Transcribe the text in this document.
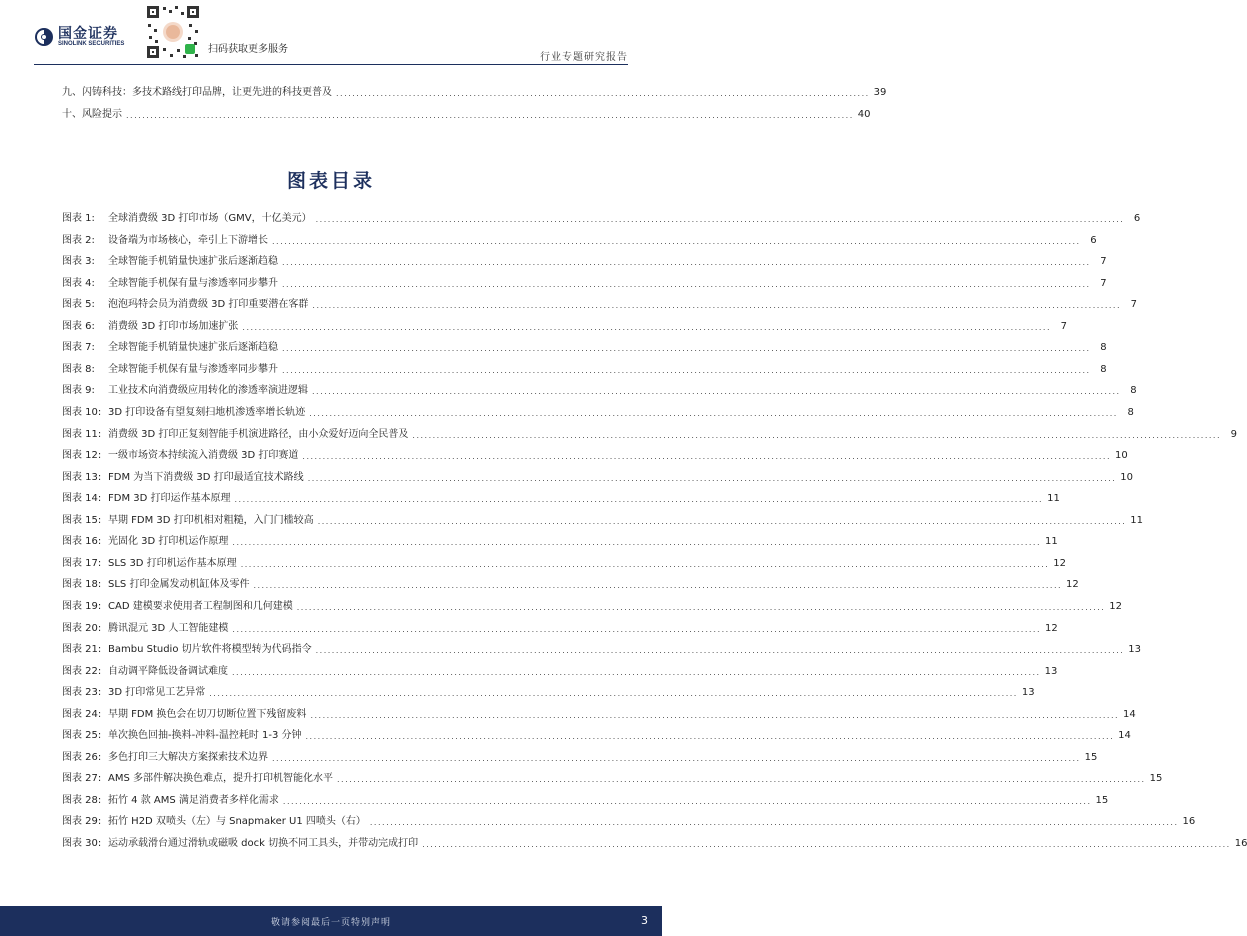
国金证券
SINOLINK SECURITIES
扫码获取更多服务
行业专题研究报告
九、闪铸科技：多技术路线打印品牌，让更先进的科技更普及 .................................................................................................................................... 39
十、风险提示 .................................................................................................................................................................................... 40
图表目录
图表 1: 全球消费级 3D 打印市场（GMV，十亿美元） ........................................................................................................................................................................................................ 6
图表 2: 设备端为市场核心，牵引上下游增长 ........................................................................................................................................................................................................ 6
图表 3: 全球智能手机销量快速扩张后逐渐趋稳 ........................................................................................................................................................................................................ 7
图表 4: 全球智能手机保有量与渗透率同步攀升 ........................................................................................................................................................................................................ 7
图表 5: 泡泡玛特会员为消费级 3D 打印重要潜在客群 ........................................................................................................................................................................................................ 7
图表 6: 消费级 3D 打印市场加速扩张 ........................................................................................................................................................................................................ 7
图表 7: 全球智能手机销量快速扩张后逐渐趋稳 ........................................................................................................................................................................................................ 8
图表 8: 全球智能手机保有量与渗透率同步攀升 ........................................................................................................................................................................................................ 8
图表 9: 工业技术向消费级应用转化的渗透率演进逻辑 ........................................................................................................................................................................................................ 8
图表 10: 3D 打印设备有望复刻扫地机渗透率增长轨迹 ........................................................................................................................................................................................................ 8
图表 11: 消费级 3D 打印正复刻智能手机演进路径，由小众爱好迈向全民普及 ........................................................................................................................................................................................................ 9
图表 12: 一级市场资本持续流入消费级 3D 打印赛道 ........................................................................................................................................................................................................ 10
图表 13: FDM 为当下消费级 3D 打印最适宜技术路线 ........................................................................................................................................................................................................ 10
图表 14: FDM 3D 打印运作基本原理 ........................................................................................................................................................................................................ 11
图表 15: 早期 FDM 3D 打印机相对粗糙，入门门槛较高 ........................................................................................................................................................................................................ 11
图表 16: 光固化 3D 打印机运作原理 ........................................................................................................................................................................................................ 11
图表 17: SLS 3D 打印机运作基本原理 ........................................................................................................................................................................................................ 12
图表 18: SLS 打印金属发动机缸体及零件 ........................................................................................................................................................................................................ 12
图表 19: CAD 建模要求使用者工程制图和几何建模 ........................................................................................................................................................................................................ 12
图表 20: 腾讯混元 3D 人工智能建模 ........................................................................................................................................................................................................ 12
图表 21: Bambu Studio 切片软件将模型转为代码指令 ........................................................................................................................................................................................................ 13
图表 22: 自动调平降低设备调试难度 ........................................................................................................................................................................................................ 13
图表 23: 3D 打印常见工艺异常 ........................................................................................................................................................................................................ 13
图表 24: 早期 FDM 换色会在切刀切断位置下残留废料 ........................................................................................................................................................................................................ 14
图表 25: 单次换色回抽-换料-冲料-温控耗时 1-3 分钟 ........................................................................................................................................................................................................ 14
图表 26: 多色打印三大解决方案探索技术边界 ........................................................................................................................................................................................................ 15
图表 27: AMS 多部件解决换色难点，提升打印机智能化水平 ........................................................................................................................................................................................................ 15
图表 28: 拓竹 4 款 AMS 满足消费者多样化需求 ........................................................................................................................................................................................................ 15
图表 29: 拓竹 H2D 双喷头（左）与 Snapmaker U1 四喷头（右） ........................................................................................................................................................................................................ 16
图表 30: 运动承载滑台通过滑轨或磁吸 dock 切换不同工具头，并带动完成打印 ........................................................................................................................................................................................................ 16
敬请参阅最后一页特别声明	3
